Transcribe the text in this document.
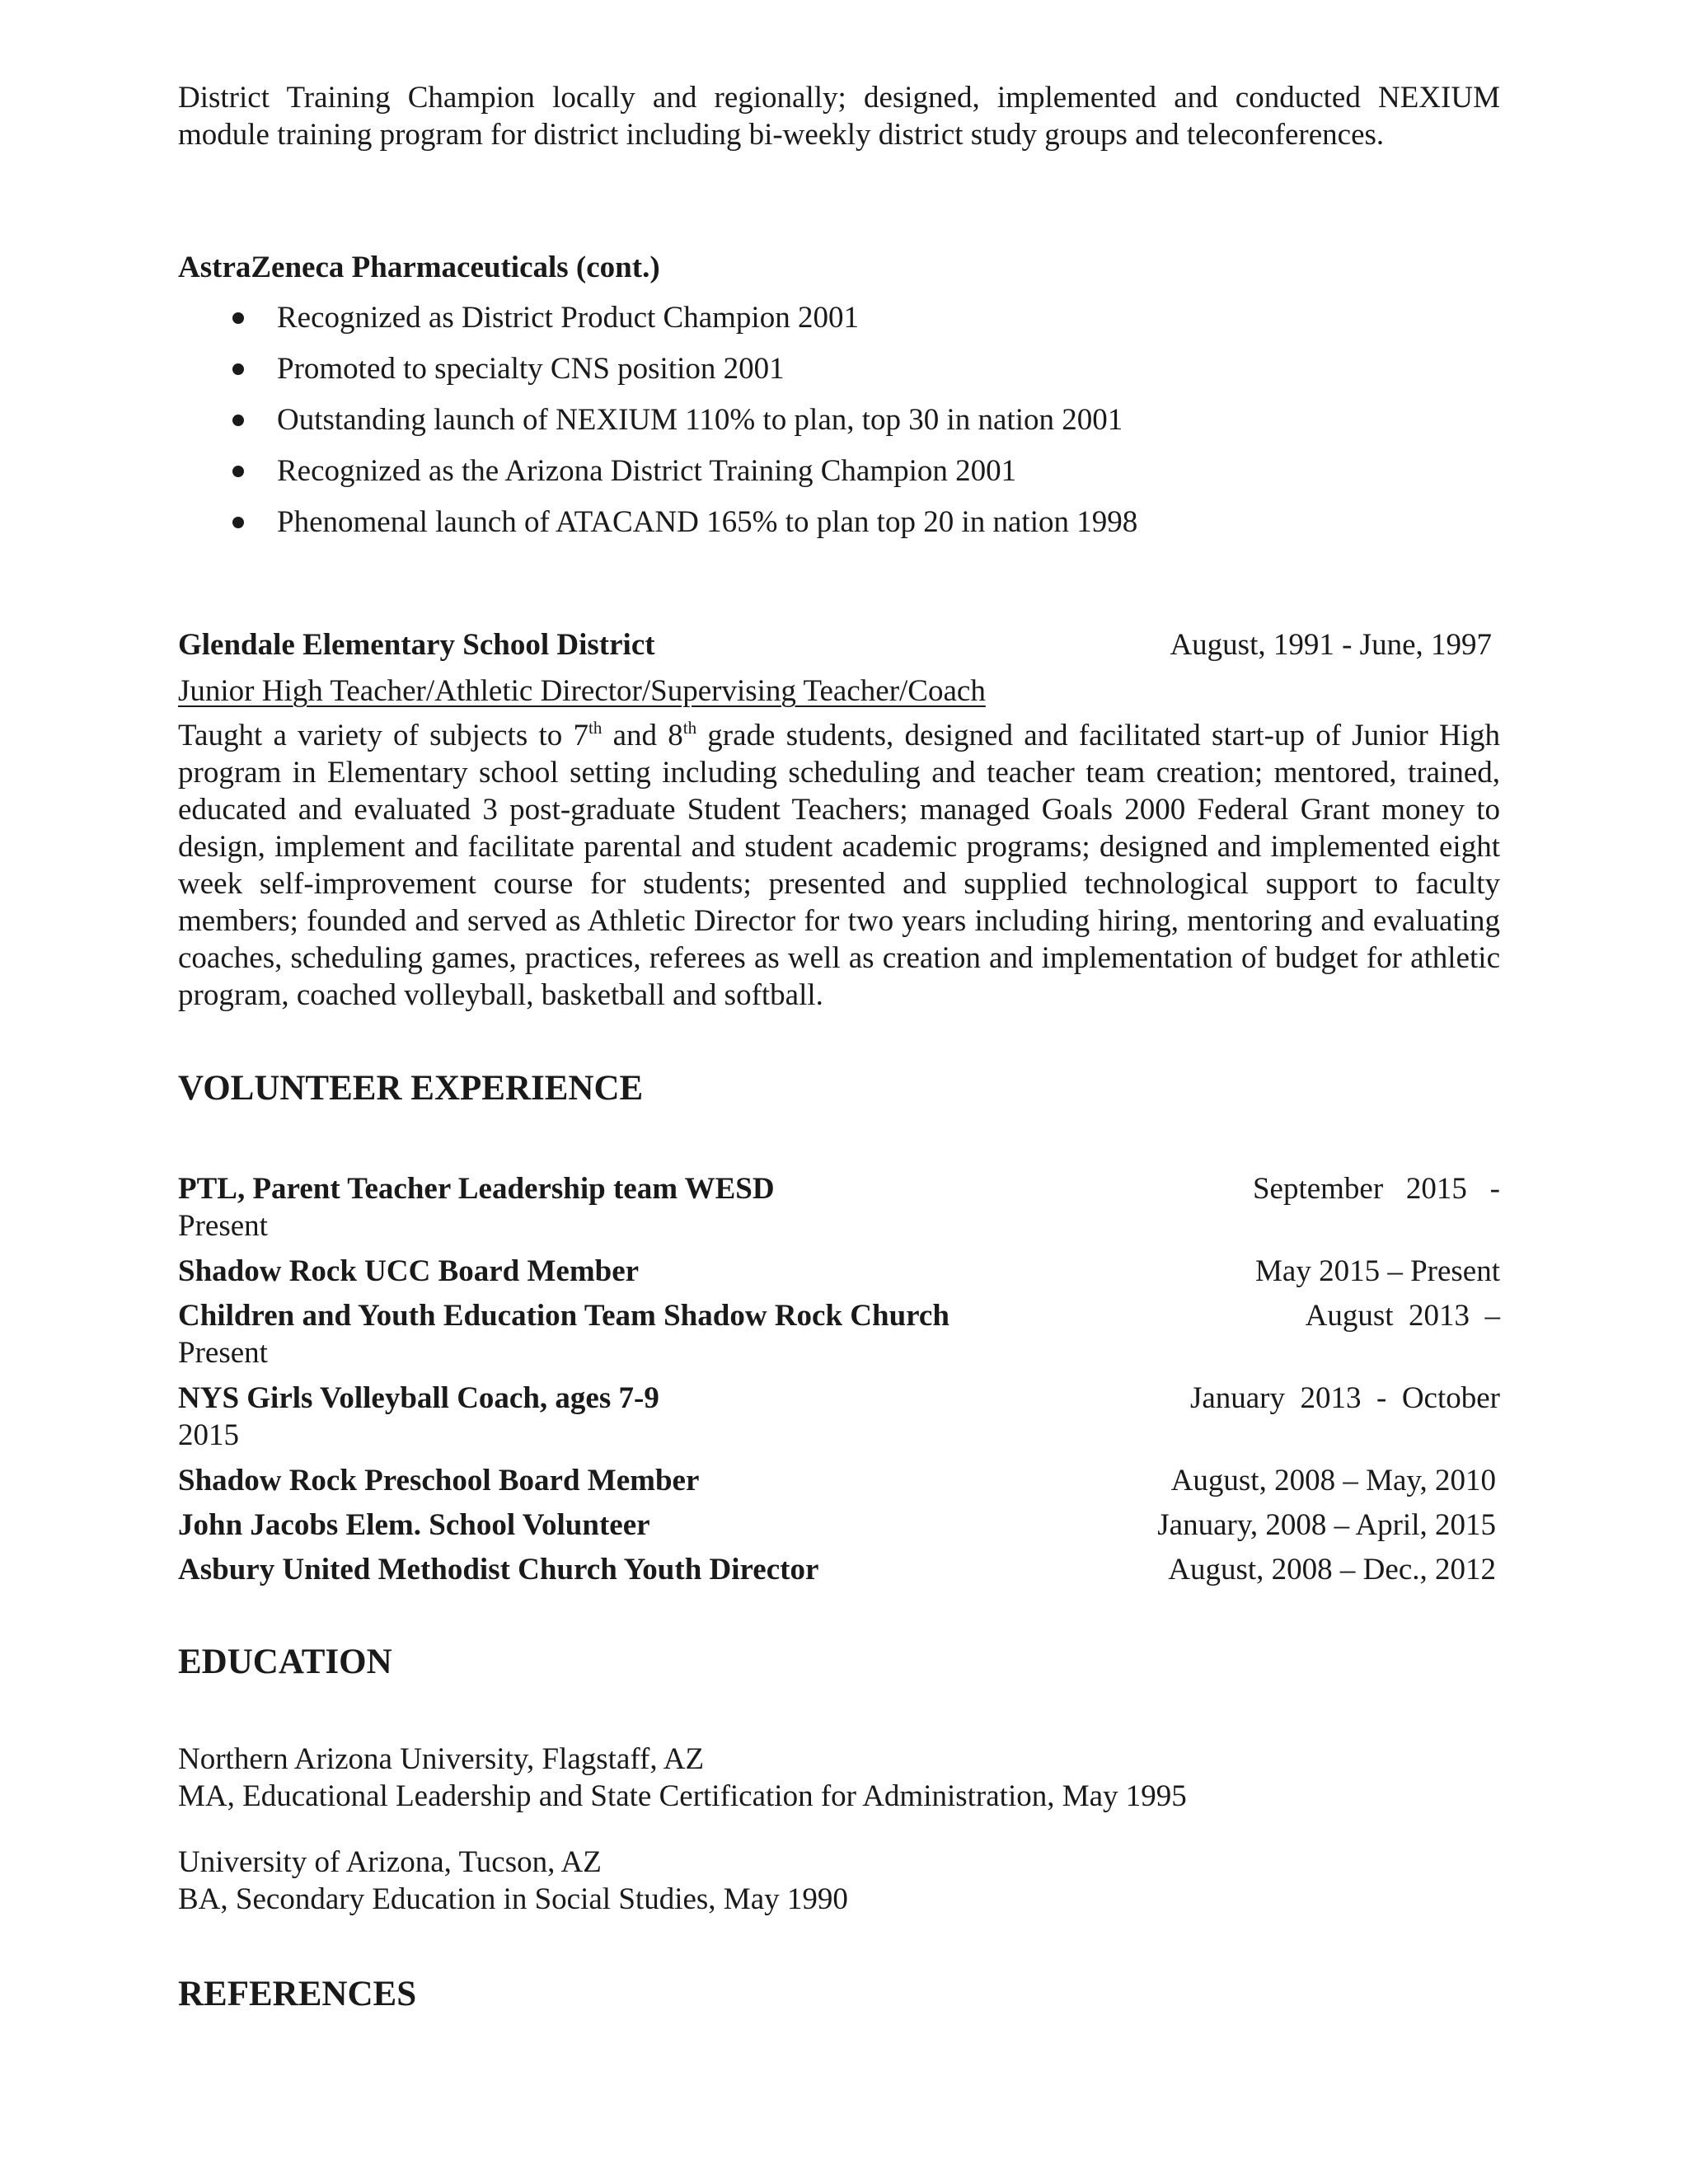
District Training Champion locally and regionally; designed, implemented and conducted NEXIUM module training program for district including bi-weekly district study groups and teleconferences.
AstraZeneca Pharmaceuticals (cont.)
Recognized as District Product Champion 2001
Promoted to specialty CNS position 2001
Outstanding launch of NEXIUM 110% to plan, top 30 in nation 2001
Recognized as the Arizona District Training Champion 2001
Phenomenal launch of ATACAND 165% to plan top 20 in nation 1998
Glendale Elementary School District	August, 1991 - June, 1997
Junior High Teacher/Athletic Director/Supervising Teacher/Coach
Taught a variety of subjects to 7th and 8th grade students, designed and facilitated start-up of Junior High program in Elementary school setting including scheduling and teacher team creation; mentored, trained, educated and evaluated 3 post-graduate Student Teachers; managed Goals 2000 Federal Grant money to design, implement and facilitate parental and student academic programs; designed and implemented eight week self-improvement course for students; presented and supplied technological support to faculty members; founded and served as Athletic Director for two years including hiring, mentoring and evaluating coaches, scheduling games, practices, referees as well as creation and implementation of budget for athletic program, coached volleyball, basketball and softball.
VOLUNTEER EXPERIENCE
PTL, Parent Teacher Leadership team WESD	September   2015   -
Present
Shadow Rock UCC Board Member	May 2015 – Present
Children and Youth Education Team Shadow Rock Church	August  2013  –
Present
NYS Girls Volleyball Coach, ages 7-9	January  2013  -  October
2015
Shadow Rock Preschool Board Member	August, 2008 – May, 2010
John Jacobs Elem. School Volunteer	January, 2008 – April, 2015
Asbury United Methodist Church Youth Director	August, 2008 – Dec., 2012
EDUCATION
Northern Arizona University, Flagstaff, AZ
MA, Educational Leadership and State Certification for Administration, May 1995
University of Arizona, Tucson, AZ
BA, Secondary Education in Social Studies, May 1990
REFERENCES
